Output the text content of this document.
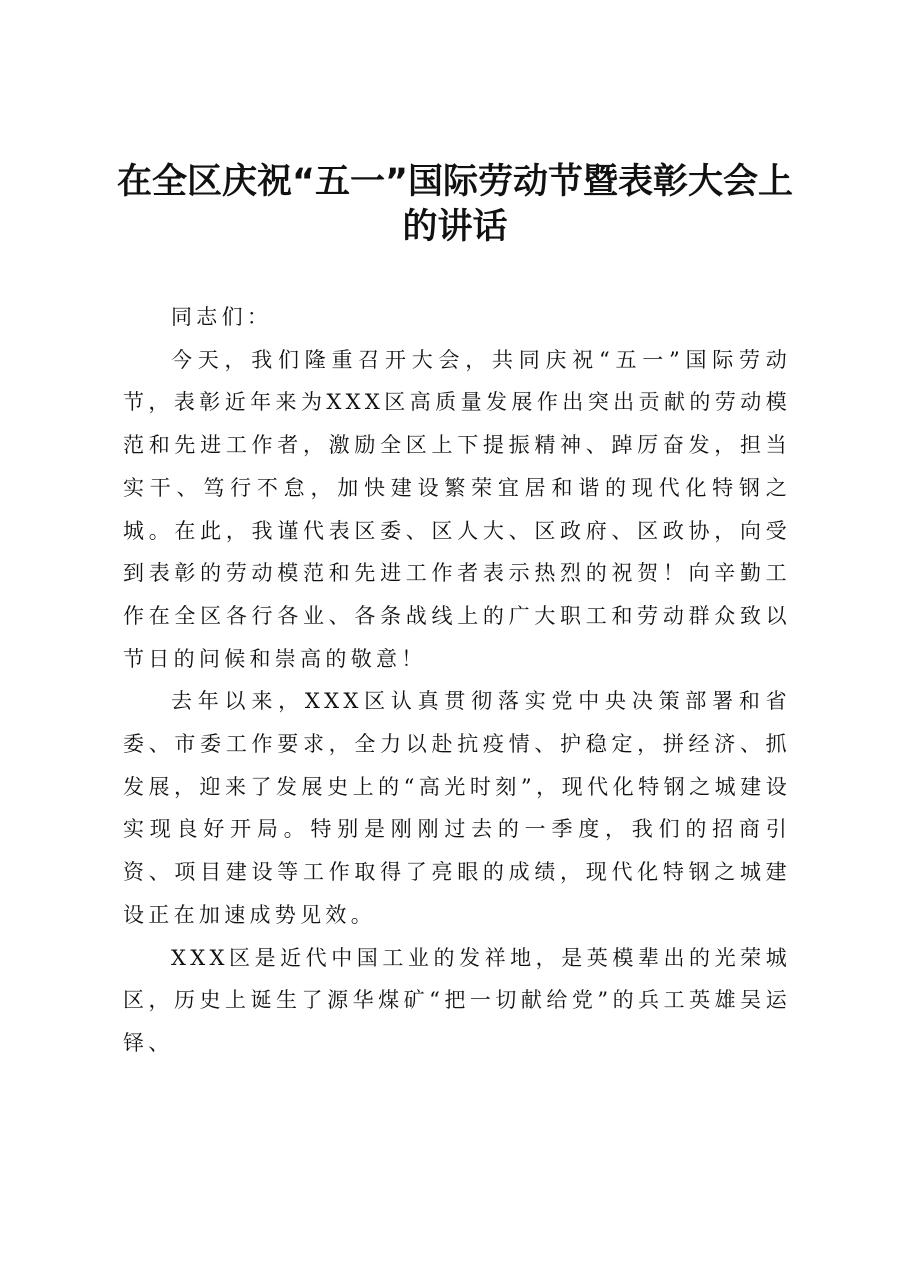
在全区庆祝“五一”国际劳动节暨表彰大会上
的讲话

同志们：

今天，我们隆重召开大会，共同庆祝“五一”国际劳动节，表彰近年来为XXX区高质量发展作出突出贡献的劳动模范和先进工作者，激励全区上下提振精神、踔厉奋发，担当实干、笃行不怠，加快建设繁荣宜居和谐的现代化特钢之城。在此，我谨代表区委、区人大、区政府、区政协，向受到表彰的劳动模范和先进工作者表示热烈的祝贺！向辛勤工作在全区各行各业、各条战线上的广大职工和劳动群众致以节日的问候和崇高的敬意！

去年以来，XXX区认真贯彻落实党中央决策部署和省委、市委工作要求，全力以赴抗疫情、护稳定，拼经济、抓发展，迎来了发展史上的“高光时刻”，现代化特钢之城建设实现良好开局。特别是刚刚过去的一季度，我们的招商引资、项目建设等工作取得了亮眼的成绩，现代化特钢之城建设正在加速成势见效。

XXX区是近代中国工业的发祥地，是英模辈出的光荣城区，历史上诞生了源华煤矿“把一切献给党”的兵工英雄吴运铎、
